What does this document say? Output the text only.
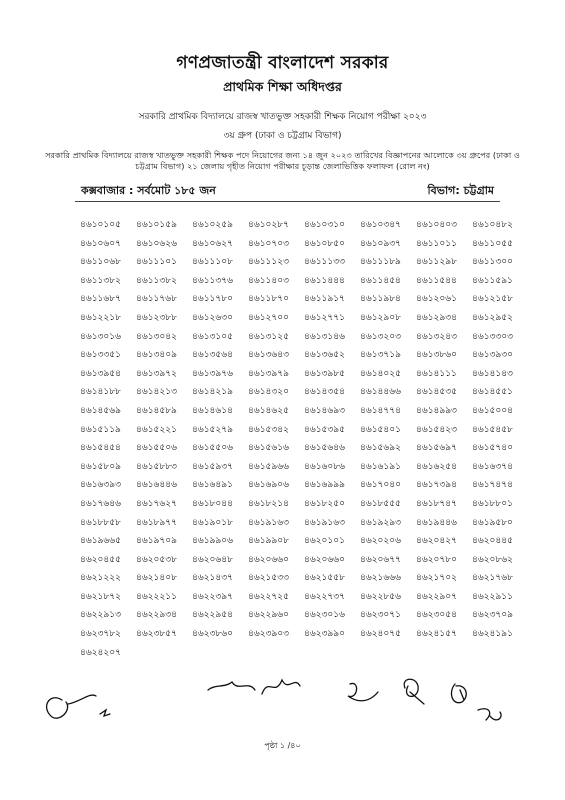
গণপ্রজাতন্ত্রী বাংলাদেশ সরকার
প্রাথমিক শিক্ষা অধিদপ্তর
সরকারি প্রাথমিক বিদ্যালয়ে রাজস্ব খাতভুক্ত সহকারী শিক্ষক নিয়োগ পরীক্ষা ২০২৩
৩য় গ্রুপ (ঢাকা ও চট্টগ্রাম বিভাগ)
সরকারি প্রাথমিক বিদ্যালয়ে রাজস্ব খাতভুক্ত সহকারী শিক্ষক পদে নিয়োগের জন্য ১৪ জুন ২০২৩ তারিখের বিজ্ঞাপনের আলোকে ৩য় গ্রুপের (ঢাকা ও চট্টগ্রাম বিভাগ) ২১ জেলায় গৃহীত নিয়োগ পরীক্ষার চূড়ান্ত জেলাভিত্তিক ফলাফল (রোল নং)
কক্সবাজার : সর্বমোট ১৮৫ জন	বিভাগ: চট্টগ্রাম
৪৬১০১০৫	৪৬১০১৫৯	৪৬১০২৫৯	৪৬১০২৮৭	৪৬১০৩১০	৪৬১০৩৪৭	৪৬১০৪০৩	৪৬১০৪৮২
৪৬১০৬০৭	৪৬১০৬২৬	৪৬১০৬২৭	৪৬১০৭০৩	৪৬১০৮৫০	৪৬১০৯৩৭	৪৬১১০১১	৪৬১১০৫৫
৪৬১১০৬৮	৪৬১১১০১	৪৬১১১০৮	৪৬১১১২৩	৪৬১১১৩৩	৪৬১১১৮৯	৪৬১১২৯৮	৪৬১১৩০০
৪৬১১৩৮২	৪৬১১৩৮২	৪৬১১৩৭৬	৪৬১১৪০৩	৪৬১১৪৪৪	৪৬১১৪৫৪	৪৬১১৫৪৪	৪৬১১৫৯১
৪৬১১৬৮৭	৪৬১১৭৬৮	৪৬১১৭৮০	৪৬১১৮৭০	৪৬১১৯১৭	৪৬১১৯৮৪	৪৬১২০৬১	৪৬১২১৫৮
৪৬১২২১৮	৪৬১২৩৮৮	৪৬১২৬৩০	৪৬১২৭০০	৪৬১২৭৭১	৪৬১২৯০৮	৪৬১২৯৩৪	৪৬১২৯৫২
৪৬১৩০১৬	৪৬১৩০৪২	৪৬১৩১০৫	৪৬১৩১২৫	৪৬১৩১৪৬	৪৬১৩২০৩	৪৬১৩২৪৩	৪৬১৩৩০৩
৪৬১৩৩৫১	৪৬১৩৪০৯	৪৬১৩৫৬৪	৪৬১৩৬৪৩	৪৬১৩৬৫২	৪৬১৩৭১৯	৪৬১৩৮৬০	৪৬১৩৯৩০
৪৬১৩৯৫৪	৪৬১৩৯৭২	৪৬১৩৯৭৬	৪৬১৩৯৭৯	৪৬১৩৯৮৫	৪৬১৪০২৫	৪৬১৪১১১	৪৬১৪১৪৩
৪৬১৪১৮৮	৪৬১৪২১৩	৪৬১৪২১৯	৪৬১৪৩২০	৪৬১৪৩৫৪	৪৬১৪৪৬৬	৪৬১৪৫৩৫	৪৬১৪৫৫১
৪৬১৪৫৬৯	৪৬১৪৫৮৯	৪৬১৪৬১৪	৪৬১৪৬২৫	৪৬১৪৬৯৩	৪৬১৪৭৭৪	৪৬১৪৯৯৩	৪৬১৫০০৪
৪৬১৫১১৯	৪৬১৫২২১	৪৬১৫২৭৯	৪৬১৫৩৪২	৪৬১৫৩৯৫	৪৬১৫৪০১	৪৬১৫৪২৩	৪৬১৫৪৫৮
৪৬১৫৪৫৪	৪৬১৫৫০৬	৪৬১৫৫০৬	৪৬১৫৬১৬	৪৬১৫৬৪৬	৪৬১৫৬৯২	৪৬১৫৬৯৭	৪৬১৫৭৪০
৪৬১৫৮০৯	৪৬১৫৮৮৩	৪৬১৫৯৩৭	৪৬১৫৯৬৬	৪৬১৬০৮৬	৪৬১৬১৯১	৪৬১৬২৫৪	৪৬১৬৩৭৪
৪৬১৬৩৯৩	৪৬১৬৪৪৬	৪৬১৬৪৯১	৪৬১৬৯০৬	৪৬১৬৯৯৯	৪৬১৭০৪০	৪৬১৭৩৯৪	৪৬১৭৪৭৪
৪৬১৭৬৪৬	৪৬১৭৬২৭	৪৬১৮০৪৪	৪৬১৮২১৪	৪৬১৮২৫০	৪৬১৮৫৫৫	৪৬১৮৭৪৭	৪৬১৮৮০১
৪৬১৮৮৫৮	৪৬১৮৯৭৭	৪৬১৯০১৮	৪৬১৯১৬৩	৪৬১৯১৬৩	৪৬১৯২৯৩	৪৬১৯৪৪৬	৪৬১৯৫৮০
৪৬১৯৬৬৫	৪৬১৯৭০৯	৪৬১৯৯০৬	৪৬১৯৯০৮	৪৬২০১০১	৪৬২০২০৬	৪৬২০৪২৭	৪৬২০৪৪৫
৪৬২০৪৫৫	৪৬২০৫৩৮	৪৬২০৬৪৮	৪৬২০৬৬০	৪৬২০৬৬০	৪৬২০৬৭৭	৪৬২০৭৮০	৪৬২০৮৬২
৪৬২১২২২	৪৬২১৪০৮	৪৬২১৪৩৭	৪৬২১৫৩৩	৪৬২১৫৫৮	৪৬২১৬৬৬	৪৬২১৭০২	৪৬২১৭৬৮
৪৬২১৮৭২	৪৬২২২১১	৪৬২২৩৯৭	৪৬২২৭২৫	৪৬২২৭৩৭	৪৬২২৮৫৬	৪৬২২৯০৭	৪৬২২৯১১
৪৬২২৯১৩	৪৬২২৯৩৪	৪৬২২৯৫৪	৪৬২২৯৬০	৪৬২৩০১৬	৪৬২৩০৭১	৪৬২৩০৫৪	৪৬২৩৭০৯
৪৬২৩৭৮২	৪৬২৩৮৫৭	৪৬২৩৮৬০	৪৬২৩৯০৩	৪৬২৩৯৯০	৪৬২৪০৭৫	৪৬২৪১৫৭	৪৬২৪১৯১
৪৬২৪২০৭
পৃষ্ঠা ১ /৪০
